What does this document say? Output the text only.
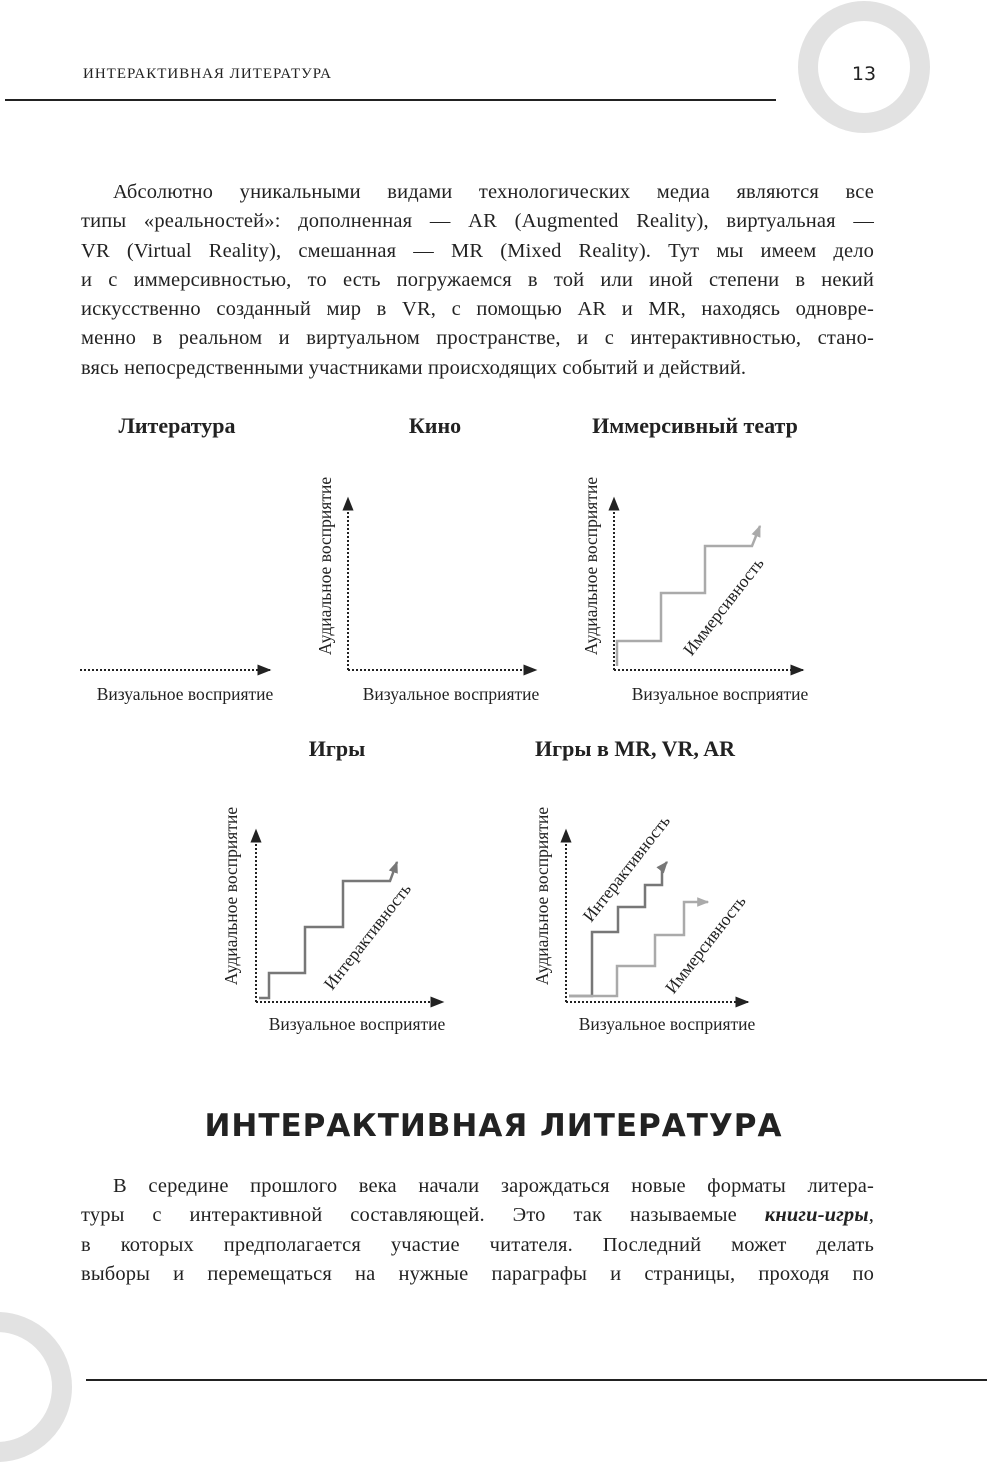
ИНТЕРАКТИВНАЯ ЛИТЕРАТУРА	13
Абсолютно уникальными видами технологических медиа являются все
типы «реальностей»: дополненная — AR (Augmented Reality), виртуальная —
VR (Virtual Reality), смешанная — MR (Mixed Reality). Тут мы имеем дело
и с иммерсивностью, то есть погружаемся в той или иной степени в некий
искусственно созданный мир в VR, с помощью AR и MR, находясь одновре-
менно в реальном и виртуальном пространстве, и с интерактивностью, стано-
вясь непосредственными участниками происходящих событий и действий.
Литература
Визуальное восприятие
Кино
Аудиальное восприятие
Визуальное восприятие
Иммерсивный театр
Аудиальное восприятие	Иммерсивность
Визуальное восприятие
Игры
Аудиальное восприятие	Интерактивность
Визуальное восприятие
Игры в MR, VR, AR
Аудиальное восприятие Интерактивность
Иммерсивность
Визуальное восприятие
ИНТЕРАКТИВНАЯ ЛИТЕРАТУРА
В середине прошлого века начали зарождаться новые форматы литера-
туры с интерактивной составляющей. Это так называемые книги-игры,
в которых предполагается участие читателя. Последний может делать
выборы и перемещаться на нужные параграфы и страницы, проходя по
